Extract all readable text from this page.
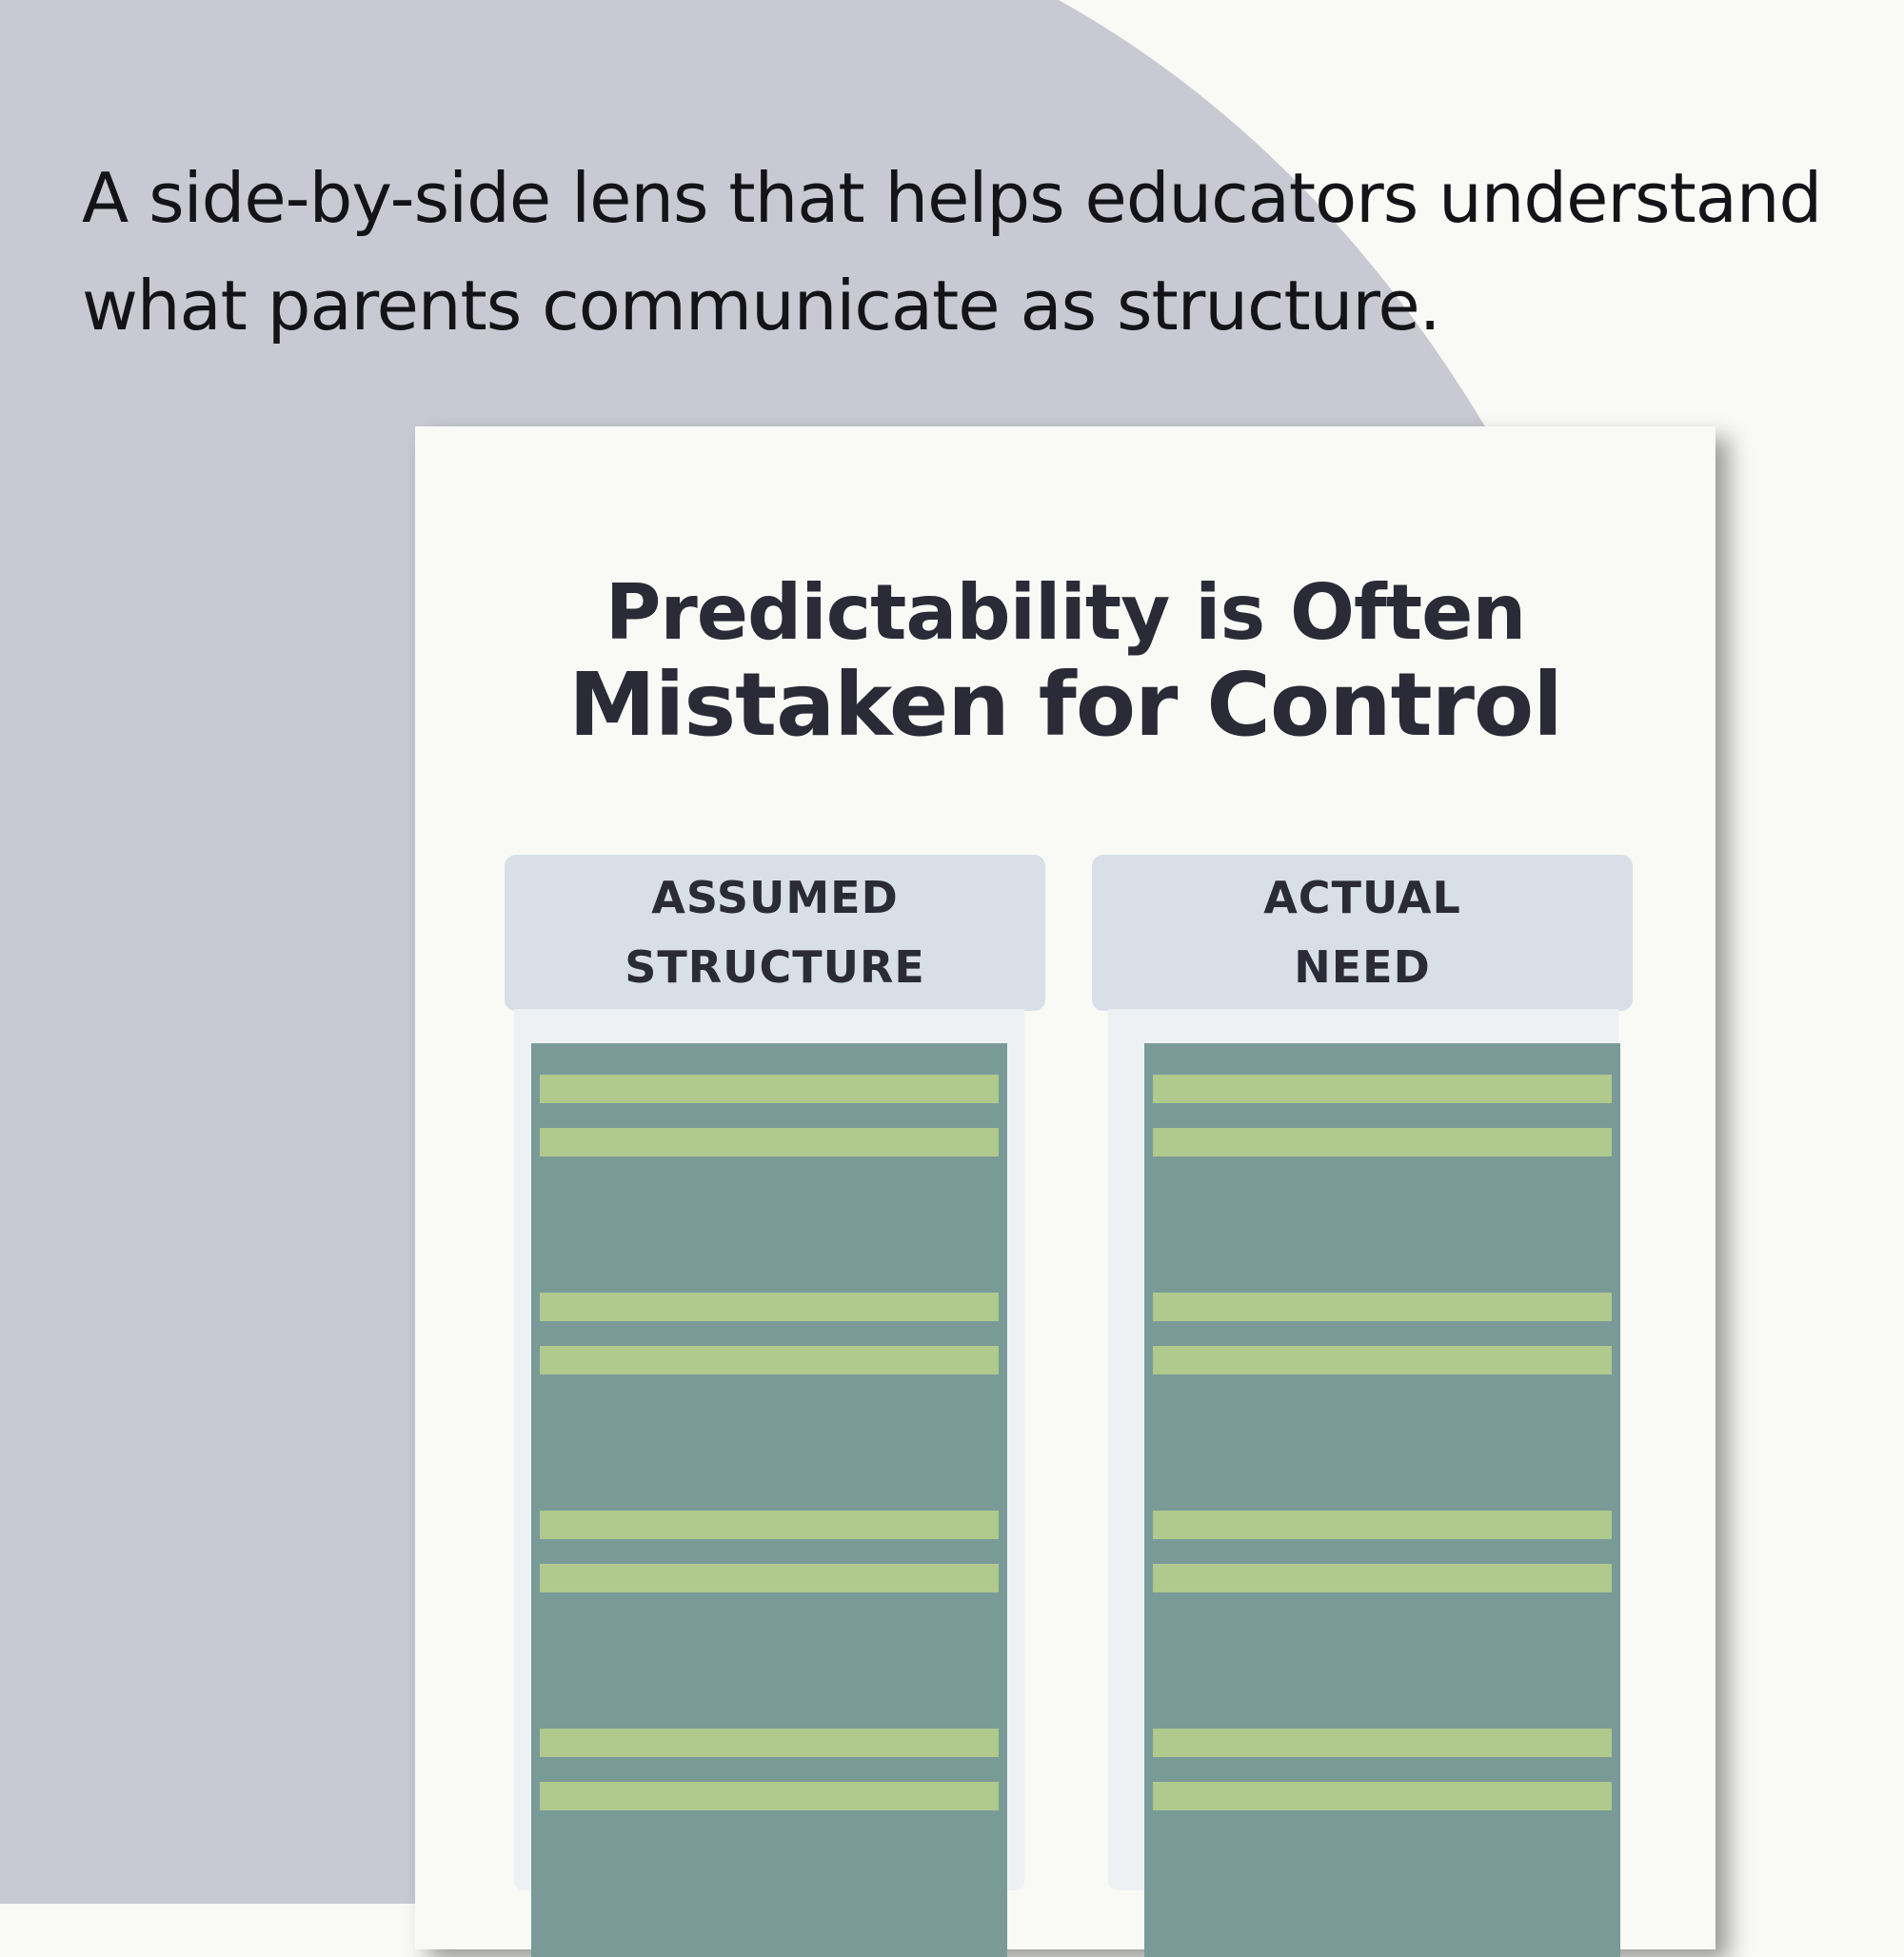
A side-by-side lens that helps educators understand what parents communicate as structure.

Predictability is Often
Mistaken for Control
ASSUMED
STRUCTURE
ACTUAL
NEED
